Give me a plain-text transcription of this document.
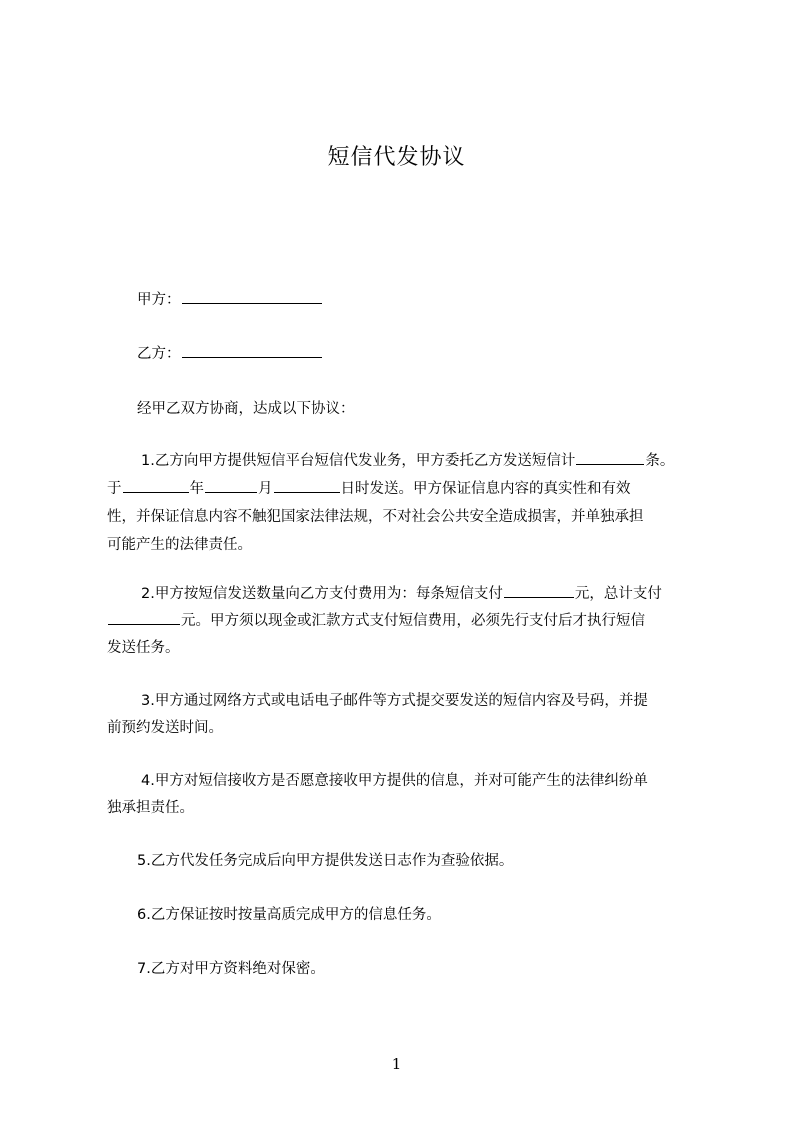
短信代发协议
甲方：
乙方：
经甲乙双方协商，达成以下协议：
1.乙方向甲方提供短信平台短信代发业务，甲方委托乙方发送短信计	条。
于	年	月	日时发送。甲方保证信息内容的真实性和有效
性，并保证信息内容不触犯国家法律法规，不对社会公共安全造成损害，并单独承担
可能产生的法律责任。
2.甲方按短信发送数量向乙方支付费用为：每条短信支付	元，总计支付
元。甲方须以现金或汇款方式支付短信费用，必须先行支付后才执行短信
发送任务。
3.甲方通过网络方式或电话电子邮件等方式提交要发送的短信内容及号码，并提
前预约发送时间。
4.甲方对短信接收方是否愿意接收甲方提供的信息，并对可能产生的法律纠纷单
独承担责任。
5.乙方代发任务完成后向甲方提供发送日志作为查验依据。
6.乙方保证按时按量高质完成甲方的信息任务。
7.乙方对甲方资料绝对保密。
1
